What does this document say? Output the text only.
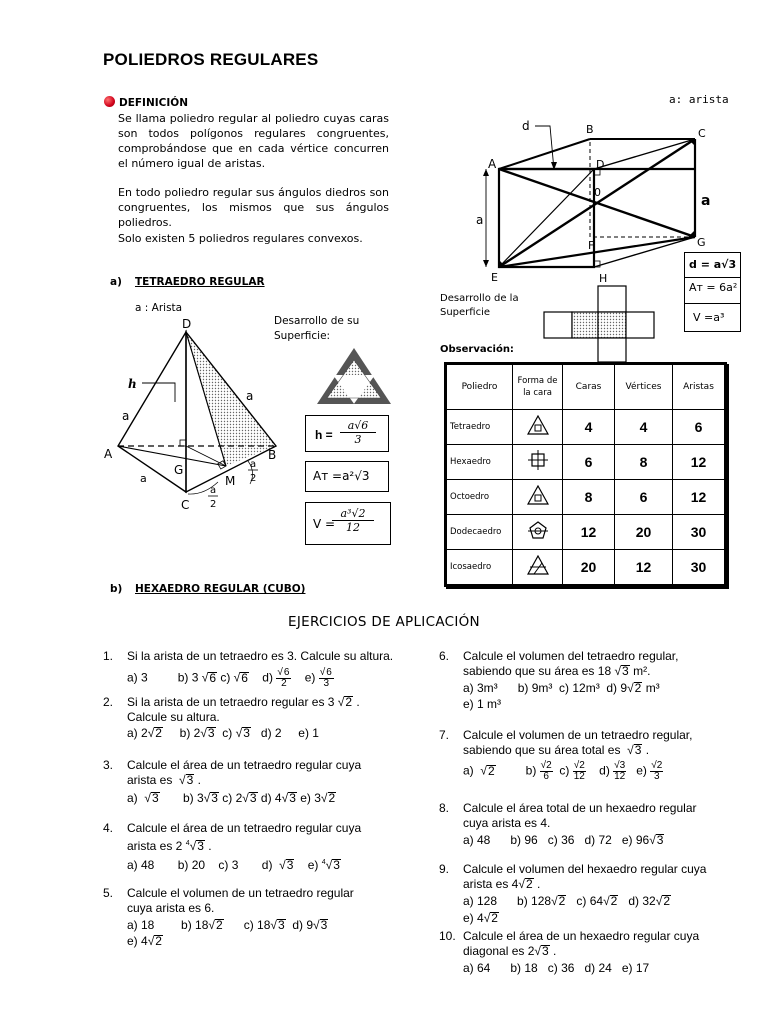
POLIEDROS REGULARES
DEFINICIÓN
Se llama poliedro regular al poliedro cuyas caras son todos polígonos regulares congruentes, comprobándose que en cada vértice concurren el número igual de aristas.
En todo poliedro regular sus ángulos diedros son congruentes, los mismos que sus ángulos poliedros.
Solo existen 5 poliedros regulares convexos.
a) TETRAEDRO REGULAR
a : Arista
D
h
a
a
A	B
G
M
C
a
a
2
a
2
Desarrollo de su Superficie:
$h = \frac{a√6}{3}$
Aᴛ =a²√3
V =
$\frac{\text{a³√2}}{12}$
b) HEXAEDRO REGULAR (CUBO)
a: arista
d	B	C
A	D
0
a
a
F	G
E	H
d = a√3
Aᴛ = 6a²
V =a³
Desarrollo de la Superficie
Observación:
Poliedro	Forma de la cara	Caras	Vértices	Aristas
Tetraedro		4	4	6
Hexaedro		6	8	12
Octoedro		8	6	12
Dodecaedro		12	20	30
Icosaedro		20	12	30
EJERCICIOS DE APLICACIÓN
1. Si la arista de un tetraedro es 3. Calcule su altura.
a) 3	b) 3 √6 c) √6 $d) \frac{√6}{2} e) \frac{√6}{3}$
2. Si la arista de un tetraedro regular es 3 √2 .
Calcule su altura.
a) 2√2 b) 2√3 c) √3 d) 2 e) 1
3. Calcule el área de un tetraedro regular cuya
arista es  √3 .
a)  √3 b) 3√3 c) 2√3 d) 4√3 e) 3√2
4. Calcule el área de un tetraedro regular cuya
arista es 2 $^4$√3 .
a) 48 b) 20 c) 3 d)  √3 e) $^4$√3
5. Calcule el volumen de un tetraedro regular
cuya arista es 6.
a) 18 b) 18√2 c) 18√3 d) 9√3
e) 4√2
6. Calcule el volumen del tetraedro regular,
sabiendo que su área es 18 √3 m².
a) 3m³ b) 9m³ c) 12m³ d) 9√2 m³
e) 1 m³
7. Calcule el volumen de un tetraedro regular,
sabiendo que su área total es  √3 .
a)  √2	$b) \frac{√2}{6} c) \frac{√2}{12} d) \frac{√3}{12} e) \frac{√2}{3}$
8. Calcule el área total de un hexaedro regular
cuya arista es 4.
a) 48 b) 96 c) 36 d) 72 e) 96√3
9. Calcule el volumen del hexaedro regular cuya
arista es 4√2 .
a) 128 b) 128√2 c) 64√2 d) 32√2
e) 4√2
10. Calcule el área de un hexaedro regular cuya
diagonal es 2√3 .
a) 64 b) 18 c) 36 d) 24 e) 17
